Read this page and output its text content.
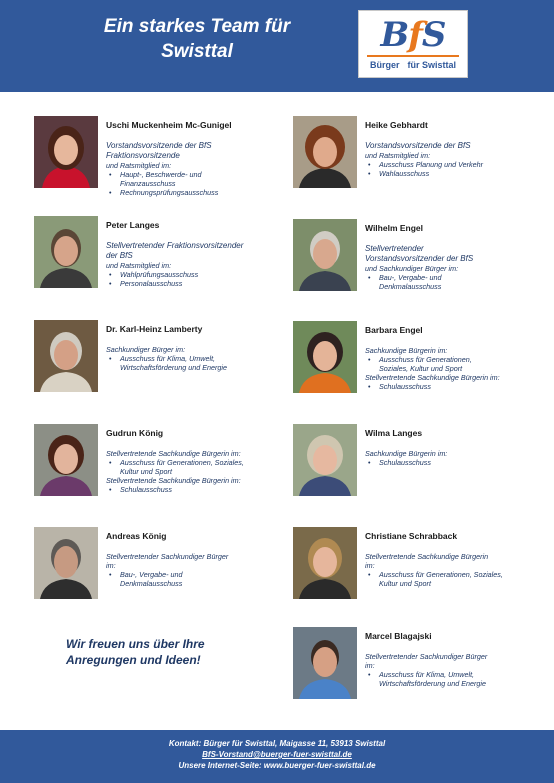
Ein starkes Team für
Swisttal	BfS
Bürger für Swisttal
Uschi Muckenheim Mc-Gunigel
Vorstandsvorsitzende der BfS
Fraktionsvorsitzende
und Ratsmitglied im:
• Haupt-, Beschwerde- und
Finanzausschuss
• Rechnungsprüfungsausschuss
Peter Langes
Stellvertretender Fraktionsvorsitzender
der BfS
und Ratsmitglied im:
• Wahlprüfungsausschuss
• Personalausschuss
Dr. Karl-Heinz Lamberty
Sachkundiger Bürger im:
• Ausschuss für Klima, Umwelt,
Wirtschaftsförderung und Energie
Gudrun König
Stellvertretende Sachkundige Bürgerin im:
• Ausschuss für Generationen, Soziales,
Kultur und Sport
Stellvertretende Sachkundige Bürgerin im:
• Schulausschuss
Andreas König
Stellvertretender Sachkundiger Bürger
im:
• Bau-, Vergabe- und
Denkmalausschuss
Heike Gebhardt
Vorstandsvorsitzende der BfS
und Ratsmitglied im:
• Ausschuss Planung und Verkehr
• Wahlausschuss
Wilhelm Engel
Stellvertretender
Vorstandsvorsitzender der BfS
und Sachkundiger Bürger im:
• Bau-, Vergabe- und
Denkmalausschuss
Barbara Engel
Sachkundige Bürgerin im:
• Ausschuss für Generationen,
Soziales, Kultur und Sport
Stellvertretende Sachkundige Bürgerin im:
• Schulausschuss
Wilma Langes
Sachkundige Bürgerin im:
• Schulausschuss
Christiane Schrabback
Stellvertretende Sachkundige Bürgerin
im:
• Ausschuss für Generationen, Soziales,
Kultur und Sport
Marcel Blagajski
Stellvertretender Sachkundiger Bürger
im:
• Ausschuss für Klima, Umwelt,
Wirtschaftsförderung und Energie
Wir freuen uns über Ihre
Anregungen und Ideen!
Kontakt: Bürger für Swisttal, Maigasse 11, 53913 Swisttal
BfS-Vorstand@buerger-fuer-swisttal.de
Unsere Internet-Seite: www.buerger-fuer-swisttal.de
